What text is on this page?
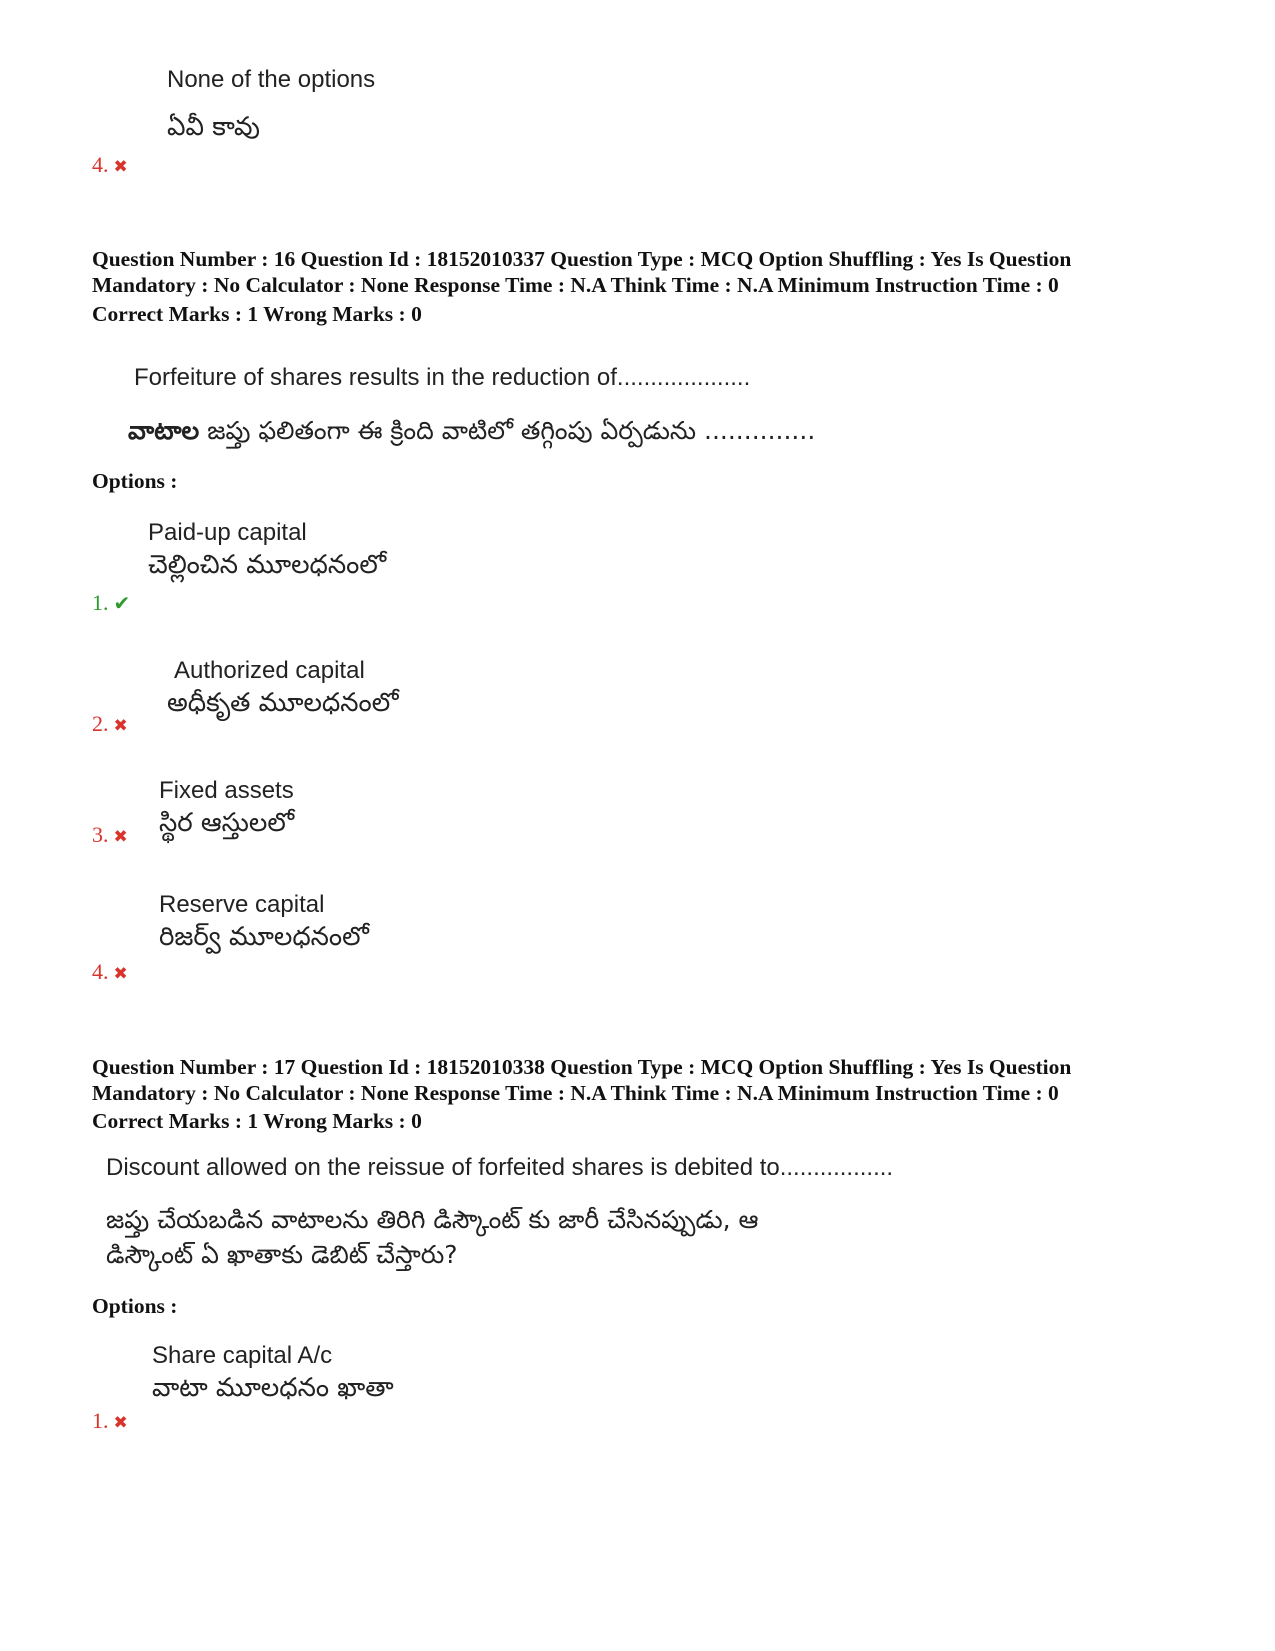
None of the options
ఏవీ కావు
4. ✖
Question Number : 16 Question Id : 18152010337 Question Type : MCQ Option Shuffling : Yes Is Question
Mandatory : No Calculator : None Response Time : N.A Think Time : N.A Minimum Instruction Time : 0
Correct Marks : 1 Wrong Marks : 0
Forfeiture of shares results in the reduction of....................
వాటాల జప్తు ఫలితంగా ఈ క్రింది వాటిలో తగ్గింపు ఏర్పడును ..............
Options :
Paid-up capital
చెల్లించిన మూలధనంలో
1. ✔
Authorized capital
అధీకృత మూలధనంలో
2. ✖
Fixed assets
స్థిర ఆస్తులలో
3. ✖
Reserve capital
రిజర్వ్ మూలధనంలో
4. ✖
Question Number : 17 Question Id : 18152010338 Question Type : MCQ Option Shuffling : Yes Is Question
Mandatory : No Calculator : None Response Time : N.A Think Time : N.A Minimum Instruction Time : 0
Correct Marks : 1 Wrong Marks : 0
Discount allowed on the reissue of forfeited shares is debited to.................
జప్తు చేయబడిన వాటాలను తిరిగి డిస్కౌంట్ కు జారీ చేసినప్పుడు, ఆ
డిస్కౌంట్ ఏ ఖాతాకు డెబిట్ చేస్తారు?
Options :
Share capital A/c
వాటా మూలధనం ఖాతా
1. ✖
